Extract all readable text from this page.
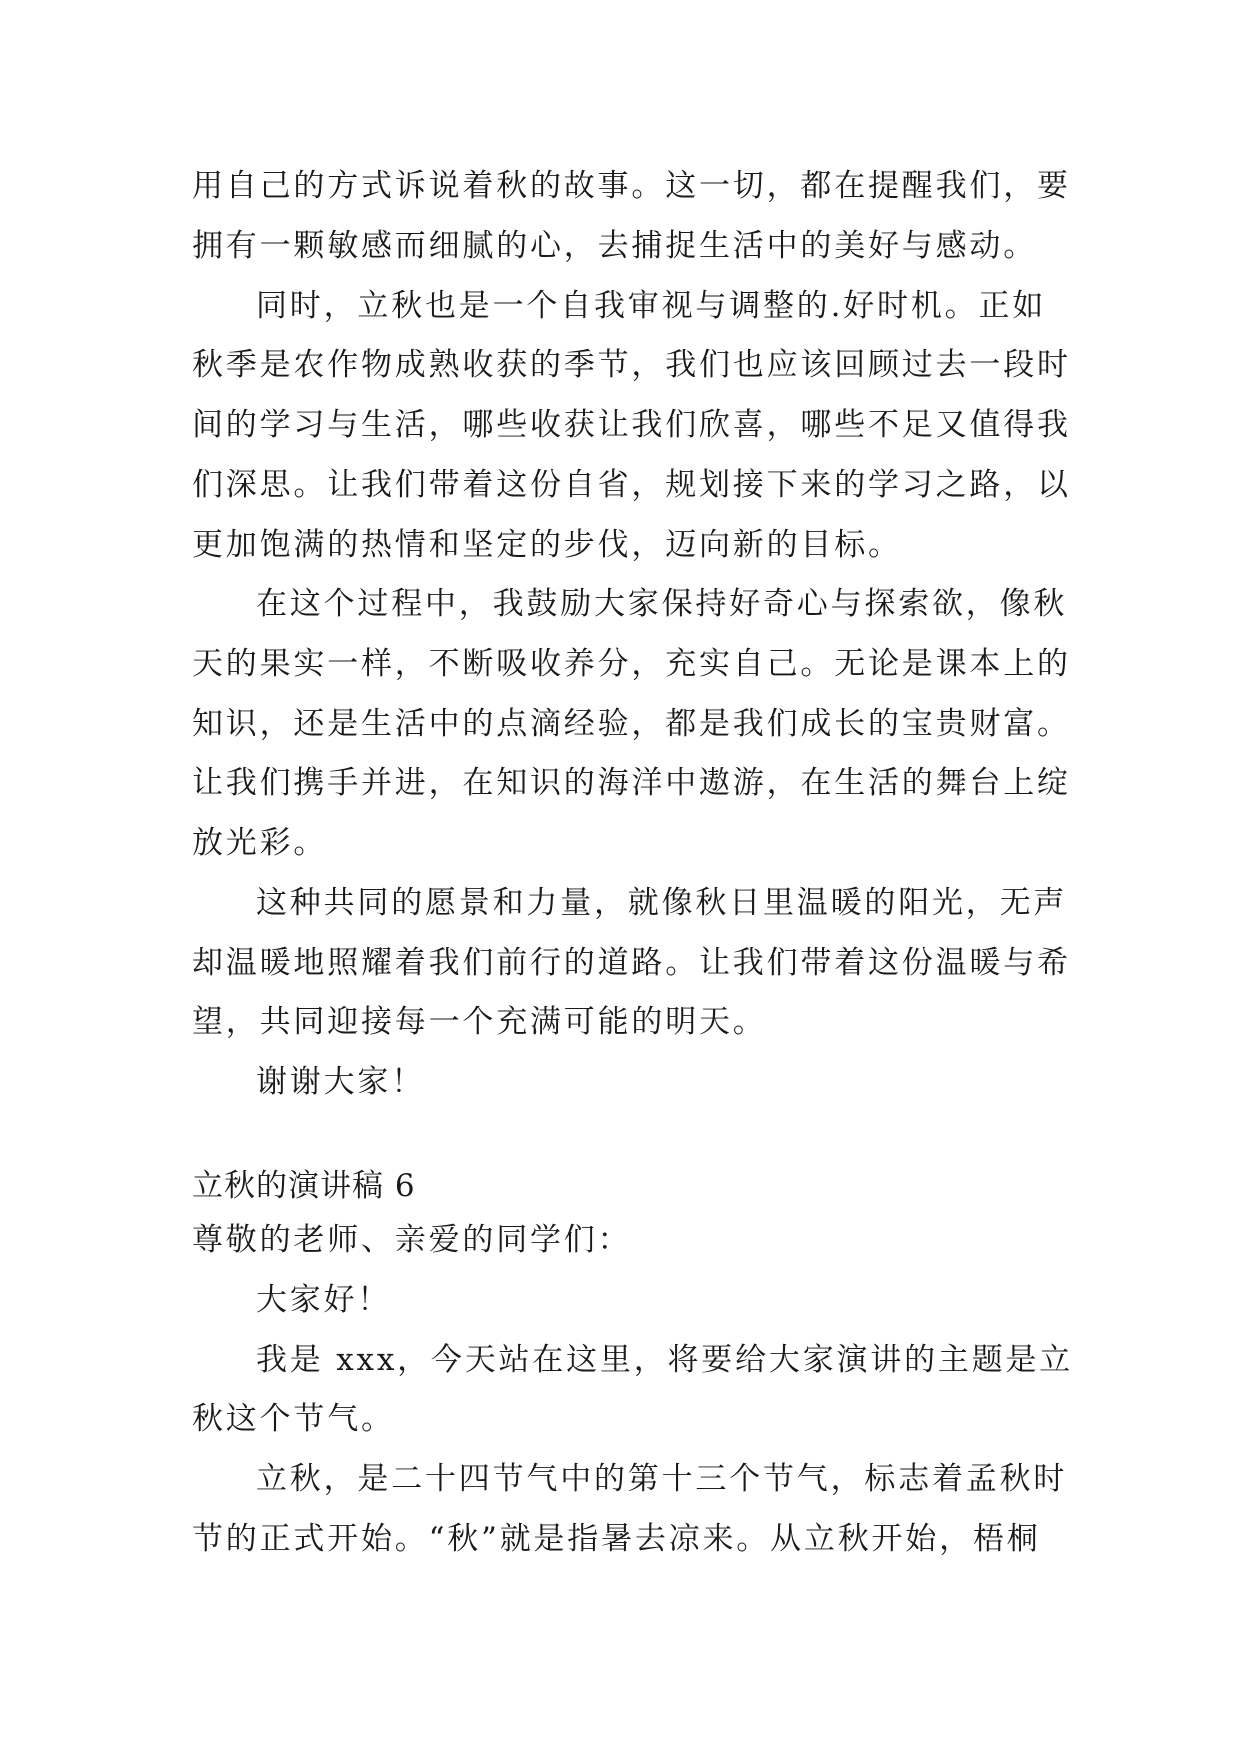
用自己的方式诉说着秋的故事。这一切，都在提醒我们，要
拥有一颗敏感而细腻的心，去捕捉生活中的美好与感动。
同时，立秋也是一个自我审视与调整的.好时机。正如
秋季是农作物成熟收获的季节，我们也应该回顾过去一段时
间的学习与生活，哪些收获让我们欣喜，哪些不足又值得我
们深思。让我们带着这份自省，规划接下来的学习之路，以
更加饱满的热情和坚定的步伐，迈向新的目标。
在这个过程中，我鼓励大家保持好奇心与探索欲，像秋
天的果实一样，不断吸收养分，充实自己。无论是课本上的
知识，还是生活中的点滴经验，都是我们成长的宝贵财富。
让我们携手并进，在知识的海洋中遨游，在生活的舞台上绽
放光彩。
这种共同的愿景和力量，就像秋日里温暖的阳光，无声
却温暖地照耀着我们前行的道路。让我们带着这份温暖与希
望，共同迎接每一个充满可能的明天。
谢谢大家！
立秋的演讲稿 6
尊敬的老师、亲爱的同学们：
大家好！
我是 xxx，今天站在这里，将要给大家演讲的主题是立
秋这个节气。
立秋，是二十四节气中的第十三个节气，标志着孟秋时
节的正式开始。“秋”就是指暑去凉来。从立秋开始，梧桐
